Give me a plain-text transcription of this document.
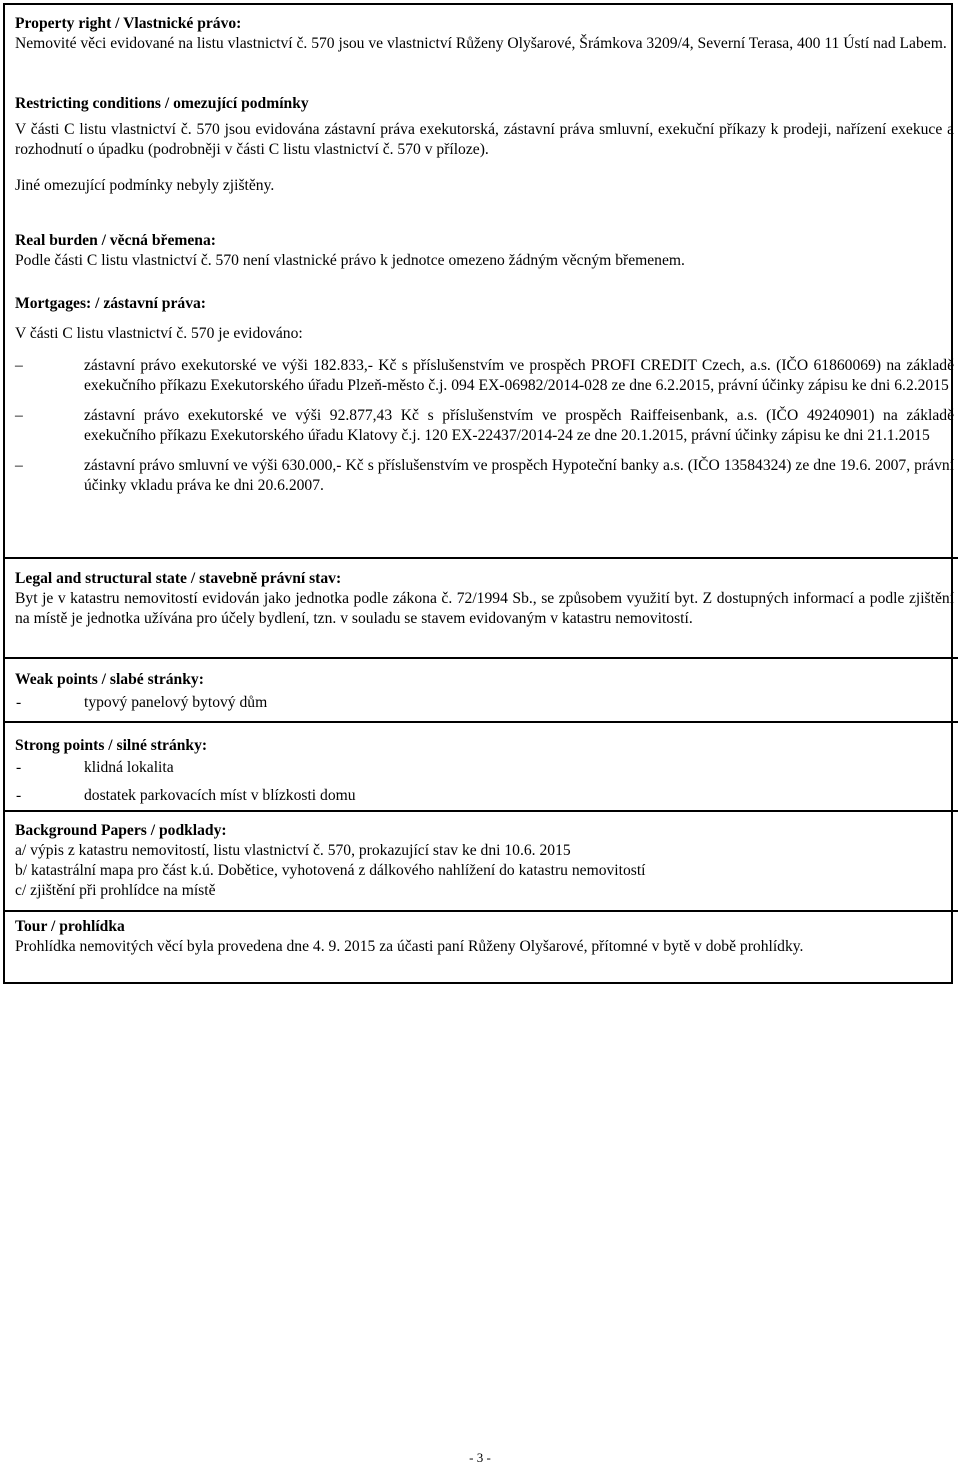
Property right / Vlastnické právo:

Nemovité věci evidované na listu vlastnictví č. 570 jsou ve vlastnictví Růženy Olyšarové, Šrámkova 3209/4, Severní Terasa, 400 11 Ústí nad Labem.

Restricting conditions / omezující podmínky

V části C listu vlastnictví č. 570 jsou evidována zástavní práva exekutorská, zástavní práva smluvní, exekuční příkazy k prodeji, nařízení exekuce a rozhodnutí o úpadku (podrobněji v části C listu vlastnictví č. 570 v příloze).

Jiné omezující podmínky nebyly zjištěny.

Real burden / věcná břemena:

Podle části C listu vlastnictví č. 570 není vlastnické právo k jednotce omezeno žádným věcným břemenem.

Mortgages: / zástavní práva:

V části C listu vlastnictví č. 570 je evidováno:

–	zástavní právo exekutorské ve výši 182.833,- Kč s příslušenstvím ve prospěch PROFI CREDIT Czech, a.s. (IČO 61860069) na základě exekučního příkazu Exekutorského úřadu Plzeň-město č.j. 094 EX-06982/2014-028 ze dne 6.2.2015, právní účinky zápisu ke dni 6.2.2015
–	zástavní právo exekutorské ve výši 92.877,43 Kč s příslušenstvím ve prospěch Raiffeisenbank, a.s. (IČO 49240901) na základě exekučního příkazu Exekutorského úřadu Klatovy č.j. 120 EX-22437/2014-24 ze dne 20.1.2015, právní účinky zápisu ke dni 21.1.2015
–	zástavní právo smluvní ve výši 630.000,- Kč s příslušenstvím ve prospěch Hypoteční banky a.s. (IČO 13584324) ze dne 19.6. 2007, právní účinky vkladu práva ke dni 20.6.2007.

Legal and structural state / stavebně právní stav:

Byt je v katastru nemovitostí evidován jako jednotka podle zákona č. 72/1994 Sb., se způsobem využití byt. Z dostupných informací a podle zjištění na místě je jednotka užívána pro účely bydlení, tzn. v souladu se stavem evidovaným v katastru nemovitostí.

Weak points / slabé stránky:

-	typový panelový bytový dům

Strong points / silné stránky:

-	klidná lokalita
-	dostatek parkovacích míst v blízkosti domu

Background Papers / podklady:

a/ výpis z katastru nemovitostí, listu vlastnictví č. 570, prokazující stav ke dni 10.6. 2015

b/ katastrální mapa pro část k.ú. Dobětice, vyhotovená z dálkového nahlížení do katastru nemovitostí

c/ zjištění při prohlídce na místě

Tour / prohlídka

Prohlídka nemovitých věcí byla provedena dne 4. 9. 2015 za účasti paní Růženy Olyšarové, přítomné v bytě v době prohlídky.

- 3 -
